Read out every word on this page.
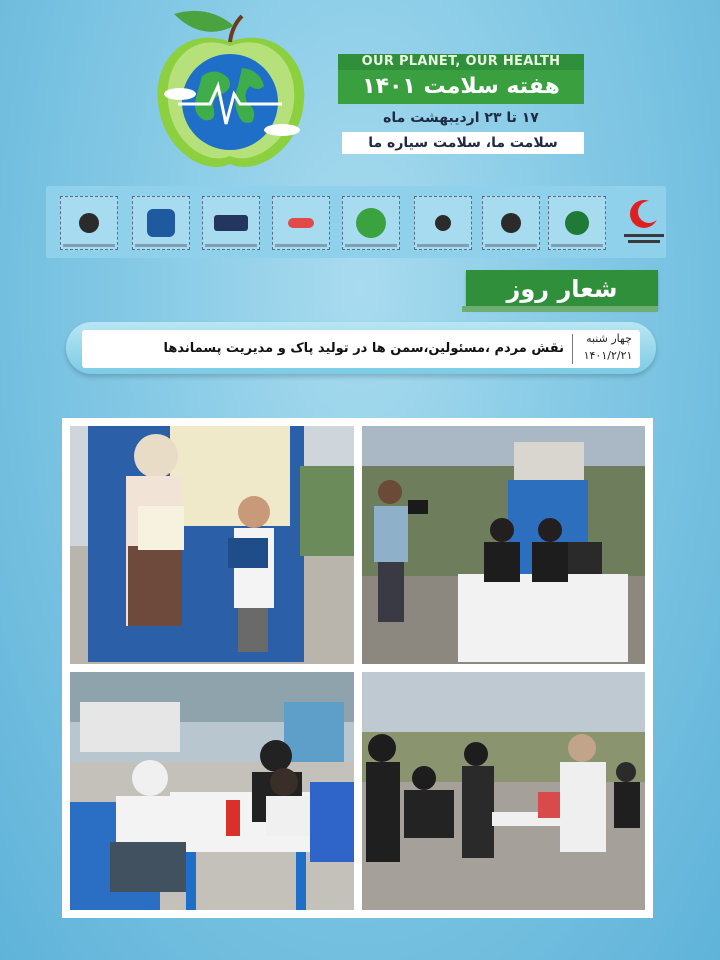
OUR PLANET, OUR HEALTH
هفته سلامت ۱۴۰۱
۱۷ تا ۲۳ اردیبهشت ماه
سلامت ما، سلامت سیاره ما
شعار روز
چهار شنبه
۱۴۰۱/۲/۲۱
نقش مردم ،مسئولین،سمن ها در تولید پاک و مدیریت پسماندها
